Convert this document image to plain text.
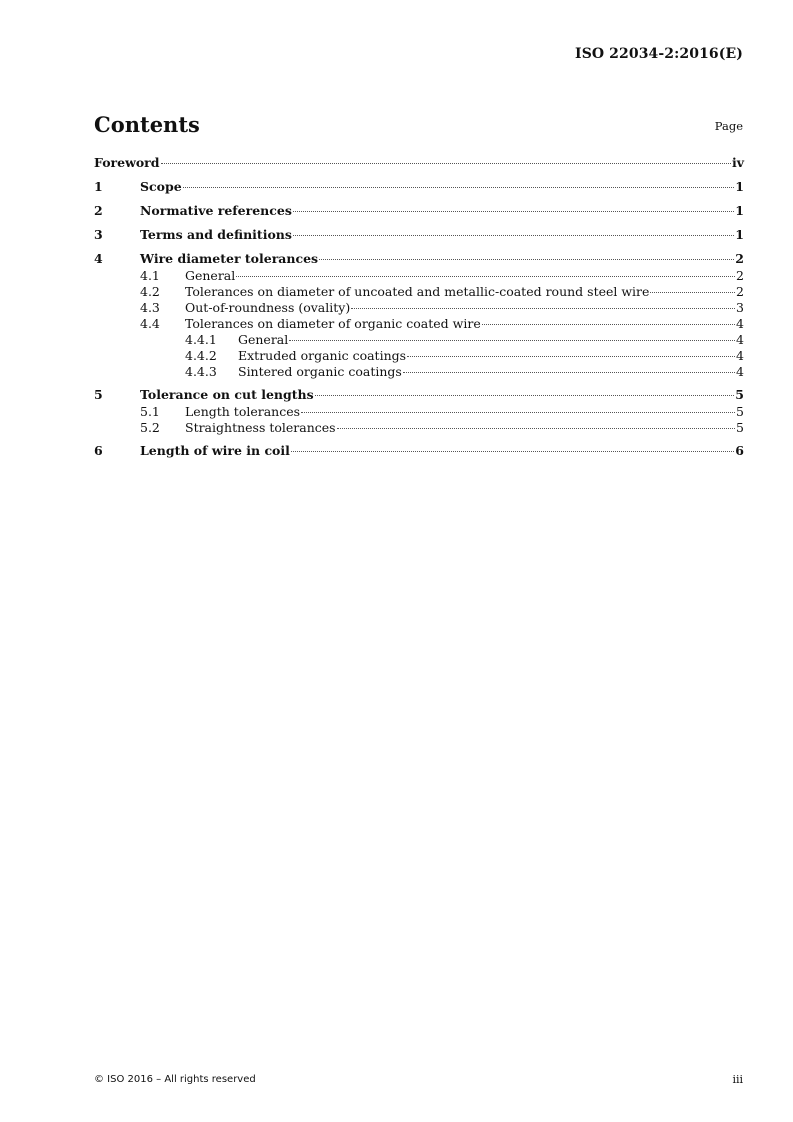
ISO 22034-2:2016(E)
Contents	Page
Foreword	iv
1	Scope	1
2	Normative references	1
3	Terms and definitions	1
4	Wire diameter tolerances	2
4.1	General	2
4.2	Tolerances on diameter of uncoated and metallic-coated round steel wire	2
4.3	Out-of-roundness (ovality)	3
4.4	Tolerances on diameter of organic coated wire	4
4.4.1	General	4
4.4.2	Extruded organic coatings	4
4.4.3	Sintered organic coatings	4
5	Tolerance on cut lengths	5
5.1	Length tolerances	5
5.2	Straightness tolerances	5
6	Length of wire in coil	6
© ISO 2016 – All rights reserved	iii
